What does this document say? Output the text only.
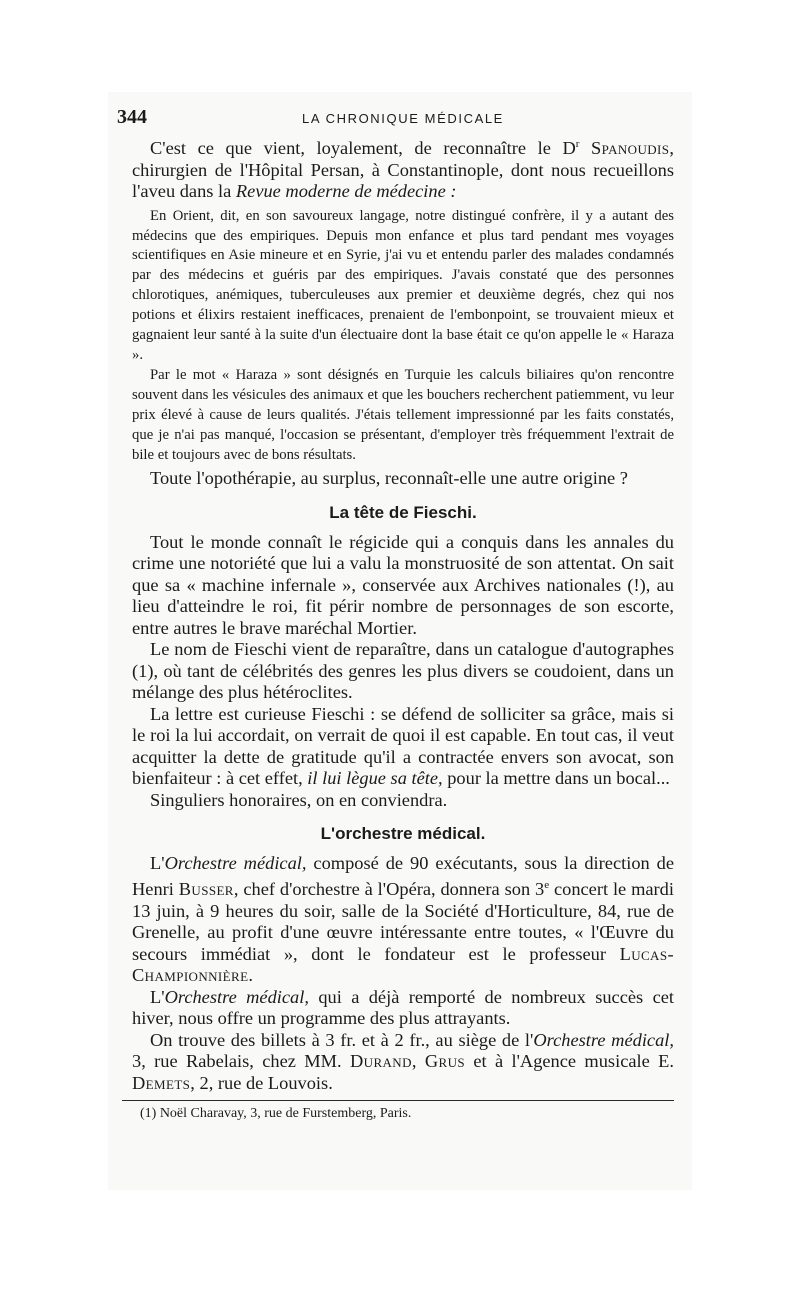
344	LA CHRONIQUE MÉDICALE

C'est ce que vient, loyalement, de reconnaître le $D^r$ Spanoudis, chirurgien de l'Hôpital Persan, à Constantinople, dont nous recueillons l'aveu dans la Revue moderne de médecine :

En Orient, dit, en son savoureux langage, notre distingué confrère, il y a autant des médecins que des empiriques. Depuis mon enfance et plus tard pendant mes voyages scientifiques en Asie mineure et en Syrie, j'ai vu et entendu parler des malades condamnés par des médecins et guéris par des empiriques. J'avais constaté que des personnes chlorotiques, anémiques, tuberculeuses aux premier et deuxième degrés, chez qui nos potions et élixirs restaient inefficaces, prenaient de l'embonpoint, se trouvaient mieux et gagnaient leur santé à la suite d'un électuaire dont la base était ce qu'on appelle le « Haraza ».

Par le mot « Haraza » sont désignés en Turquie les calculs biliaires qu'on rencontre souvent dans les vésicules des animaux et que les bouchers recherchent patiemment, vu leur prix élevé à cause de leurs qualités. J'étais tellement impressionné par les faits constatés, que je n'ai pas manqué, l'occasion se présentant, d'employer très fréquemment l'extrait de bile et toujours avec de bons résultats.

Toute l'opothérapie, au surplus, reconnaît-elle une autre origine ?

La tête de Fieschi.

Tout le monde connaît le régicide qui a conquis dans les annales du crime une notoriété que lui a valu la monstruosité de son attentat. On sait que sa « machine infernale », conservée aux Archives nationales (!), au lieu d'atteindre le roi, fit périr nombre de personnages de son escorte, entre autres le brave maréchal Mortier.

Le nom de Fieschi vient de reparaître, dans un catalogue d'autographes (1), où tant de célébrités des genres les plus divers se coudoient, dans un mélange des plus hétéroclites.

La lettre est curieuse Fieschi : se défend de solliciter sa grâce, mais si le roi la lui accordait, on verrait de quoi il est capable. En tout cas, il veut acquitter la dette de gratitude qu'il a contractée envers son avocat, son bienfaiteur : à cet effet, il lui lègue sa tête, pour la mettre dans un bocal...

Singuliers honoraires, on en conviendra.

L'orchestre médical.

L'Orchestre médical, composé de 90 exécutants, sous la direction de Henri Busser, chef d'orchestre à l'Opéra, donnera son 3e concert le mardi 13 juin, à 9 heures du soir, salle de la Société d'Horticulture, 84, rue de Grenelle, au profit d'une œuvre intéressante entre toutes, « l'Œuvre du secours immédiat », dont le fondateur est le professeur Lucas-Championnière.

L'Orchestre médical, qui a déjà remporté de nombreux succès cet hiver, nous offre un programme des plus attrayants.

On trouve des billets à 3 fr. et à 2 fr., au siège de l'Orchestre médical, 3, rue Rabelais, chez MM. Durand, Grus et à l'Agence musicale E. Demets, 2, rue de Louvois.

(1) Noël Charavay, 3, rue de Furstemberg, Paris.
